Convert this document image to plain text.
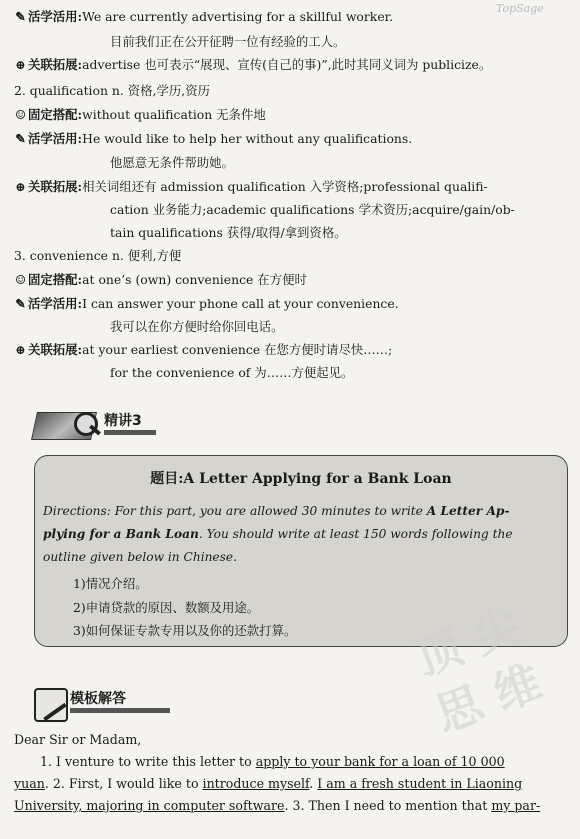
TopSage
✎ 活学活用:We are currently advertising for a skillful worker.
目前我们正在公开征聘一位有经验的工人。
⊕ 关联拓展:advertise 也可表示“展现、宣传(自己的事)”,此时其同义词为 publicize。
2. qualification n. 资格,学历,资历
☺ 固定搭配:without qualification 无条件地
✎ 活学活用:He would like to help her without any qualifications.
他愿意无条件帮助她。
⊕ 关联拓展:相关词组还有 admission qualification 入学资格;professional qualifi-
cation 业务能力;academic qualifications 学术资历;acquire/gain/ob-
tain qualifications 获得/取得/拿到资格。
3. convenience n. 便利,方便
☺ 固定搭配:at one’s (own) convenience 在方便时
✎ 活学活用:I can answer your phone call at your convenience.
我可以在你方便时给你回电话。
⊕ 关联拓展:at your earliest convenience 在您方便时请尽快……;
for the convenience of 为……方便起见。
精讲3
题目:A Letter Applying for a Bank Loan
Directions: For this part, you are allowed 30 minutes to write A Letter Ap-
plying for a Bank Loan. You should write at least 150 words following the
outline given below in Chinese.
1)情况介绍。
2)申请贷款的原因、数额及用途。
3)如何保证专款专用以及你的还款打算。
模板解答
Dear Sir or Madam,
1. I venture to write this letter to apply to your bank for a loan of 10 000
yuan. 2. First, I would like to introduce myself. I am a fresh student in Liaoning
University, majoring in computer software. 3. Then I need to mention that my par-
顶 尖 思 维
